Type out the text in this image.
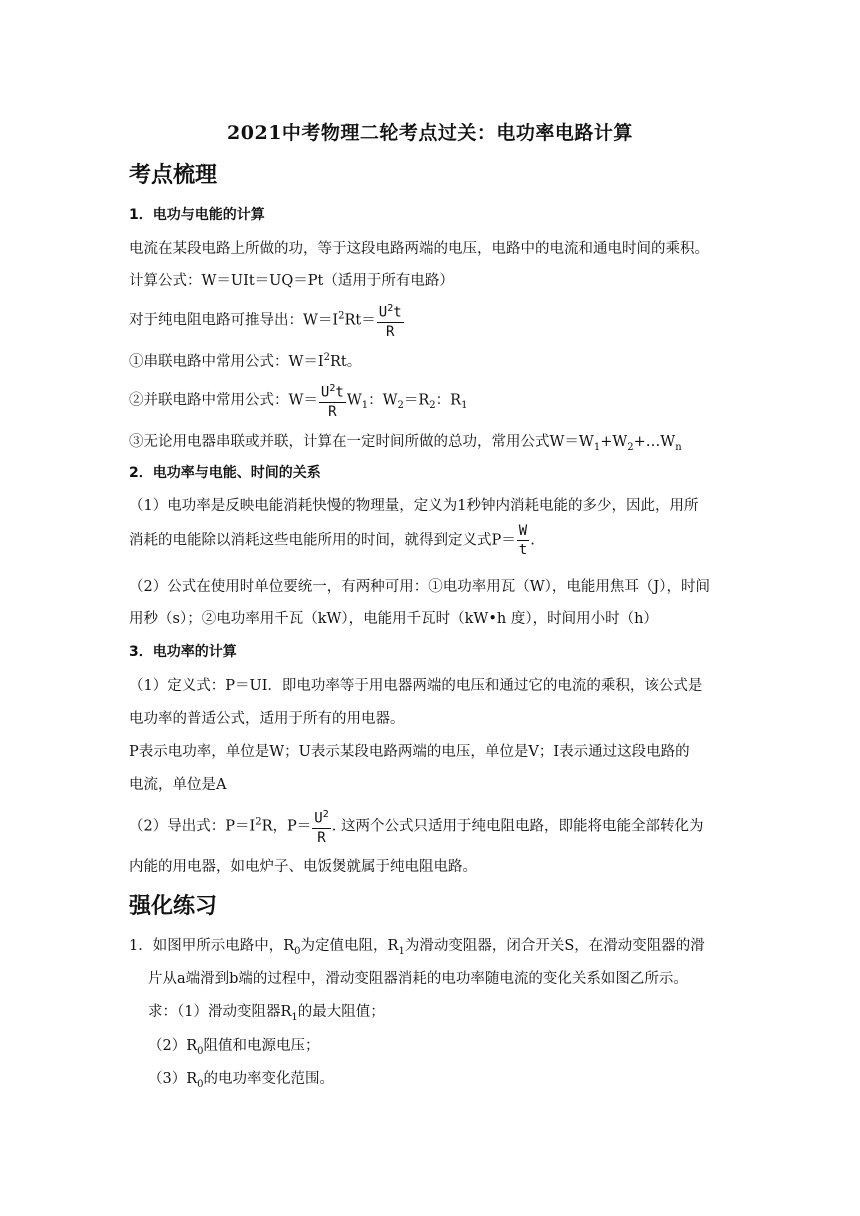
2021中考物理二轮考点过关：电功率电路计算
考点梳理
1．电功与电能的计算
电流在某段电路上所做的功，等于这段电路两端的电压，电路中的电流和通电时间的乘积。
计算公式：W＝UIt＝UQ＝Pt（适用于所有电路）
对于纯电阻电路可推导出：$W=I^2Rt= \frac{U^2t}{R}$
①串联电路中常用公式：$W=I^2Rt$。
②并联电路中常用公式：$W= \frac{U^2t}{R} W_1$：$W_2=R_2$：$R_1$
③无论用电器串联或并联，计算在一定时间所做的总功，常用公式$W=W_1+W_2+\dots W_n$
2．电功率与电能、时间的关系
（1）电功率是反映电能消耗快慢的物理量，定义为1秒钟内消耗电能的多少，因此，用所
消耗的电能除以消耗这些电能所用的时间，就得到定义式$P= \frac{W}{t}$ .
（2）公式在使用时单位要统一，有两种可用：①电功率用瓦（W），电能用焦耳（J），时间
用秒（s）；②电功率用千瓦（kW），电能用千瓦时（kW•h 度），时间用小时（h）
3．电功率的计算
（1）定义式：P＝UI．即电功率等于用电器两端的电压和通过它的电流的乘积，该公式是
电功率的普适公式，适用于所有的用电器。
P表示电功率，单位是W；U表示某段电路两端的电压，单位是V；I表示通过这段电路的
电流，单位是A
（2）导出式：$P=I^2R$，$P= \frac{U^2}{R}$ . 这两个公式只适用于纯电阻电路，即能将电能全部转化为
内能的用电器，如电炉子、电饭煲就属于纯电阻电路。
强化练习
1．如图甲所示电路中，$R_0$为定值电阻，$R_1$为滑动变阻器，闭合开关S，在滑动变阻器的滑
片从a端滑到b端的过程中，滑动变阻器消耗的电功率随电流的变化关系如图乙所示。
求：（1）滑动变阻器$R_1$的最大阻值；
$(2)R_0$阻值和电源电压；
$(3)R_0$的电功率变化范围。
